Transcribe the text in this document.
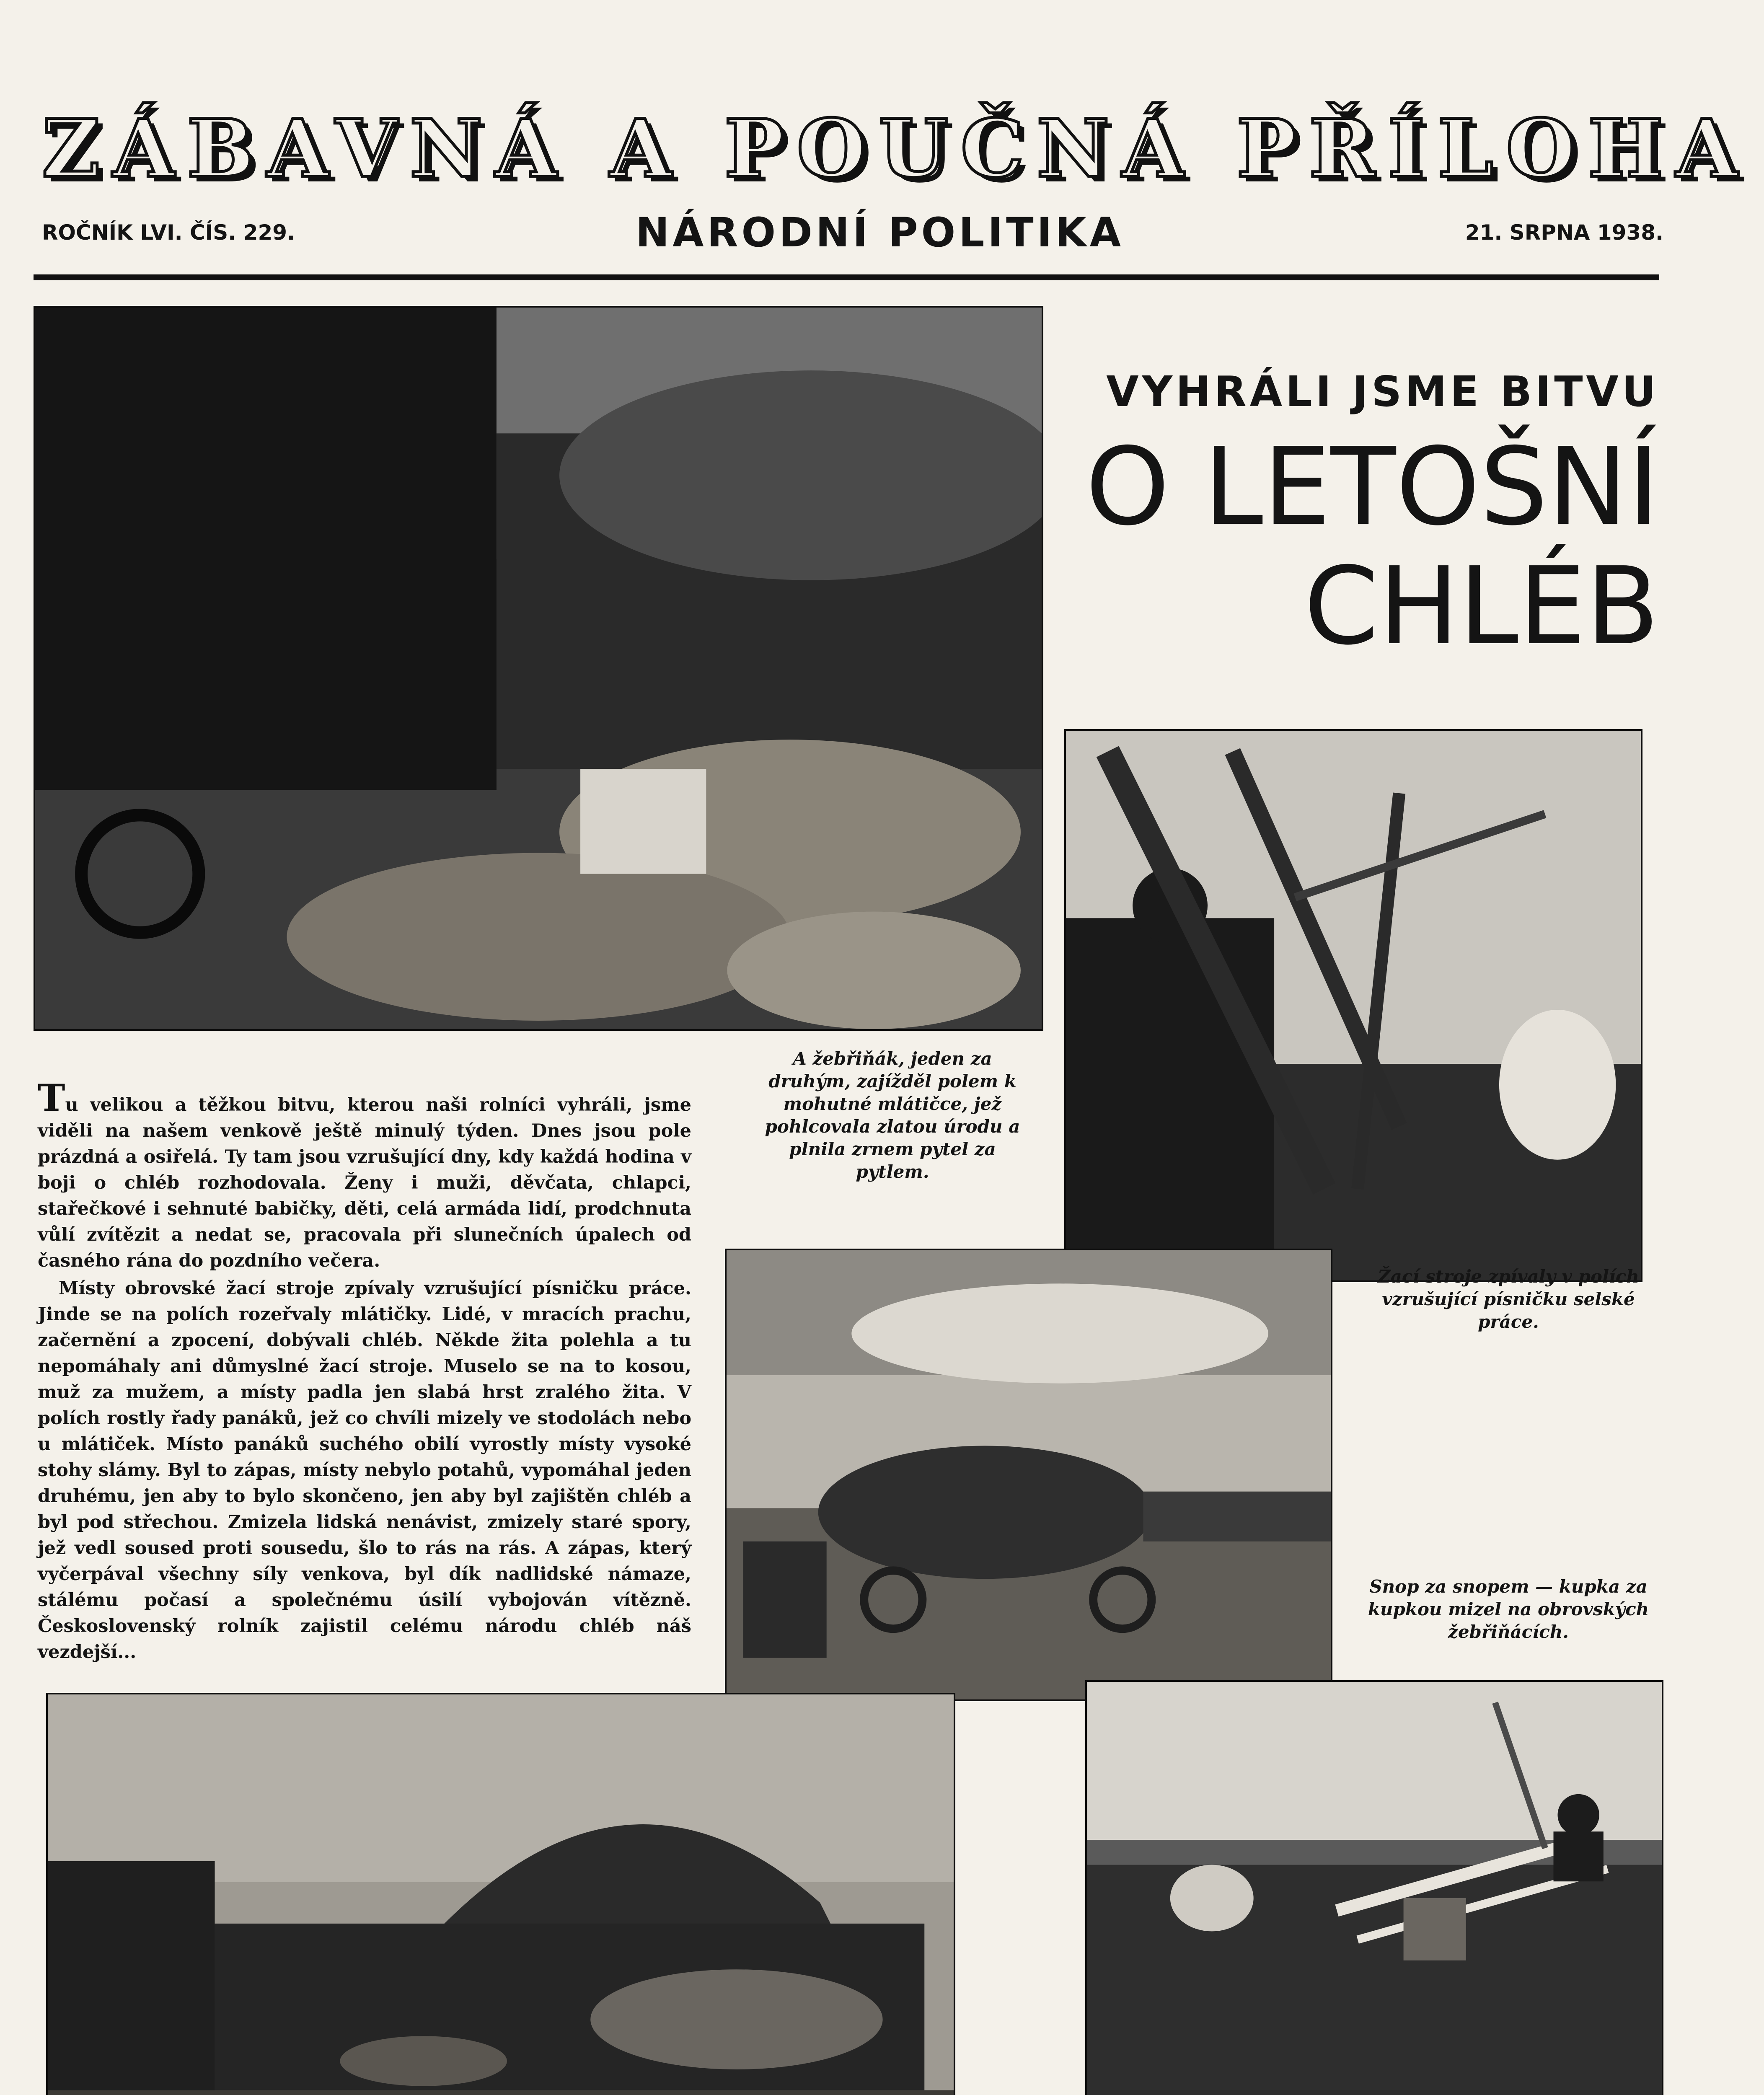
ZÁBAVNÁ A POUČNÁ PŘÍLOHA
ROČNÍK LVI. ČÍS. 229.	NÁRODNÍ POLITIKA	21. SRPNA 1938.
VYHRÁLI JSME BITVU
O LETOŠNÍ
CHLÉB
A žebřiňák, jeden za druhým, zajížděl polem k mohutné mlátičce, jež pohlcovala zlatou úrodu a plnila zrnem pytel za pytlem.

Tu velikou a těžkou bitvu, kterou naši rolníci vyhráli, jsme viděli na našem venkově ještě minulý týden. Dnes jsou pole prázdná a osiřelá. Ty tam jsou vzrušující dny, kdy každá hodina v boji o chléb rozhodovala. Ženy i muži, děvčata, chlapci, stařečkové i sehnuté babičky, děti, celá armáda lidí, prodchnuta vůlí zvítězit a nedat se, pracovala při slunečních úpalech od časného rána do pozdního večera.

Místy obrovské žací stroje zpívaly vzrušující písničku práce. Jinde se na polích rozeřvaly mlátičky. Lidé, v mracích prachu, začernění a zpocení, dobývali chléb. Někde žita polehla a tu nepomáhaly ani důmyslné žací stroje. Muselo se na to kosou, muž za mužem, a místy padla jen slabá hrst zralého žita. V polích rostly řady panáků, jež co chvíli mizely ve stodolách nebo u mlátiček. Místo panáků suchého obilí vyrostly místy vysoké stohy slámy. Byl to zápas, místy nebylo potahů, vypomáhal jeden druhému, jen aby to bylo skončeno, jen aby byl zajištěn chléb a byl pod střechou. Zmizela lidská nenávist, zmizely staré spory, jež vedl soused proti sousedu, šlo to rás na rás. A zápas, který vyčerpával všechny síly venkova, byl dík nadlidské námaze, stálému počasí a společnému úsilí vybojován vítězně. Československý rolník zajistil celému národu chléb náš vezdejší...

Žací stroje zpívaly v polích vzrušující písničku selské práce.
Snop za snopem — kupka za kupkou mizel na obrovských žebřiňácích.
